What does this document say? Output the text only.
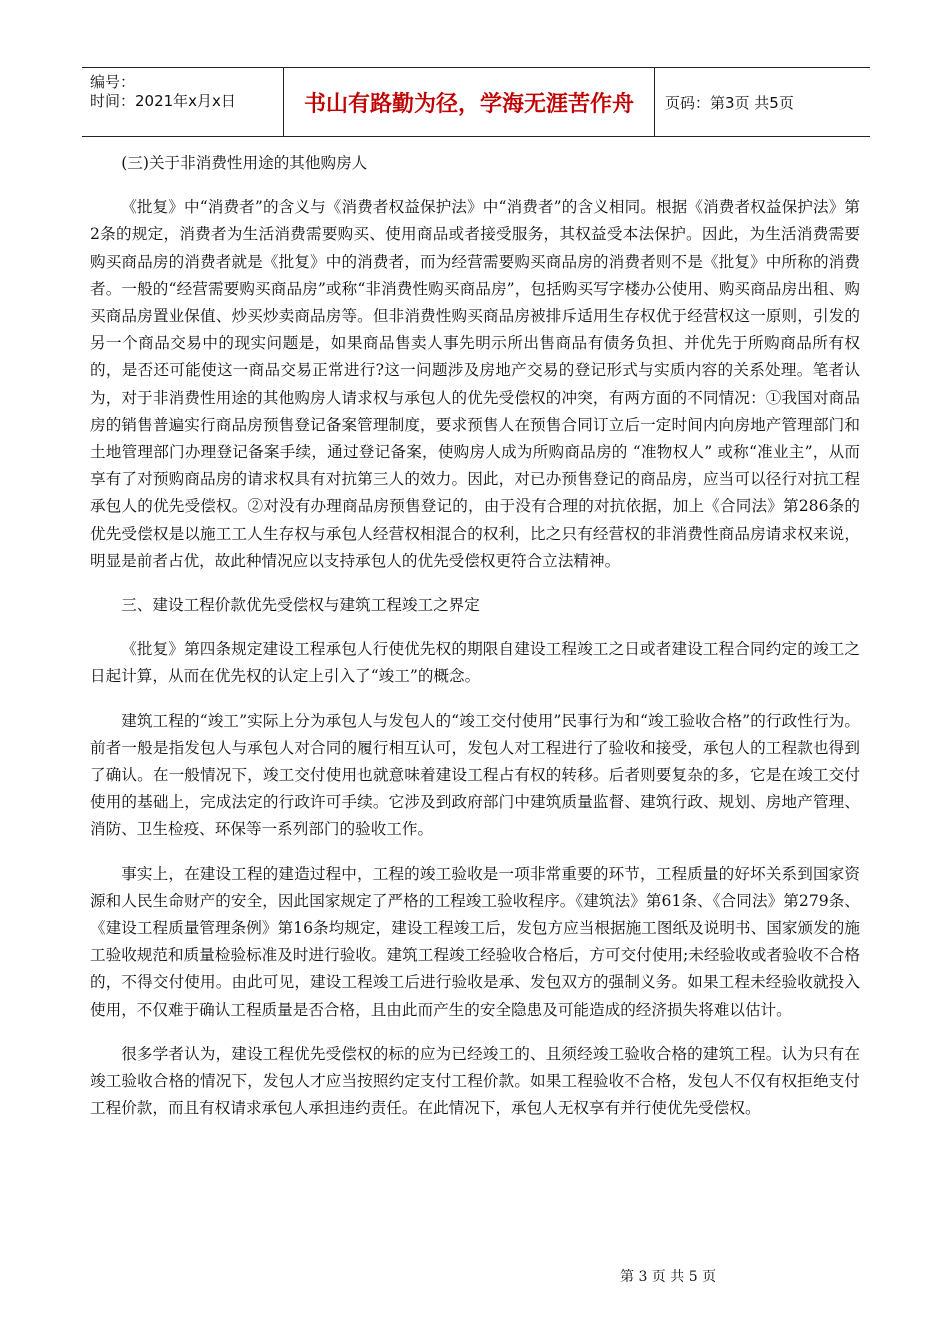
编号：
时间：2021年x月x日	书山有路勤为径，学海无涯苦作舟	页码：第3页 共5页

(三)关于非消费性用途的其他购房人

《批复》中“消费者”的含义与《消费者权益保护法》中“消费者”的含义相同。根据《消费者权益保护法》第2条的规定，消费者为生活消费需要购买、使用商品或者接受服务，其权益受本法保护。因此，为生活消费需要购买商品房的消费者就是《批复》中的消费者，而为经营需要购买商品房的消费者则不是《批复》中所称的消费者。一般的“经营需要购买商品房”或称“非消费性购买商品房”，包括购买写字楼办公使用、购买商品房出租、购买商品房置业保值、炒买炒卖商品房等。但非消费性购买商品房被排斥适用生存权优于经营权这一原则，引发的另一个商品交易中的现实问题是，如果商品售卖人事先明示所出售商品有债务负担、并优先于所购商品所有权的，是否还可能使这一商品交易正常进行?这一问题涉及房地产交易的登记形式与实质内容的关系处理。笔者认为，对于非消费性用途的其他购房人请求权与承包人的优先受偿权的冲突，有两方面的不同情况：①我国对商品房的销售普遍实行商品房预售登记备案管理制度，要求预售人在预售合同订立后一定时间内向房地产管理部门和土地管理部门办理登记备案手续，通过登记备案，使购房人成为所购商品房的 “准物权人” 或称“准业主”，从而享有了对预购商品房的请求权具有对抗第三人的效力。因此，对已办预售登记的商品房，应当可以径行对抗工程承包人的优先受偿权。②对没有办理商品房预售登记的，由于没有合理的对抗依据，加上《合同法》第286条的优先受偿权是以施工工人生存权与承包人经营权相混合的权利，比之只有经营权的非消费性商品房请求权来说，明显是前者占优，故此种情况应以支持承包人的优先受偿权更符合立法精神。

三、建设工程价款优先受偿权与建筑工程竣工之界定

《批复》第四条规定建设工程承包人行使优先权的期限自建设工程竣工之日或者建设工程合同约定的竣工之日起计算，从而在优先权的认定上引入了“竣工”的概念。

建筑工程的“竣工”实际上分为承包人与发包人的“竣工交付使用”民事行为和“竣工验收合格”的行政性行为。前者一般是指发包人与承包人对合同的履行相互认可，发包人对工程进行了验收和接受，承包人的工程款也得到了确认。在一般情况下，竣工交付使用也就意味着建设工程占有权的转移。后者则要复杂的多，它是在竣工交付使用的基础上，完成法定的行政许可手续。它涉及到政府部门中建筑质量监督、建筑行政、规划、房地产管理、消防、卫生检疫、环保等一系列部门的验收工作。

事实上，在建设工程的建造过程中，工程的竣工验收是一项非常重要的环节，工程质量的好坏关系到国家资源和人民生命财产的安全，因此国家规定了严格的工程竣工验收程序。《建筑法》第61条、《合同法》第279条、《建设工程质量管理条例》第16条均规定，建设工程竣工后，发包方应当根据施工图纸及说明书、国家颁发的施工验收规范和质量检验标准及时进行验收。建筑工程竣工经验收合格后，方可交付使用;未经验收或者验收不合格的，不得交付使用。由此可见，建设工程竣工后进行验收是承、发包双方的强制义务。如果工程未经验收就投入使用，不仅难于确认工程质量是否合格，且由此而产生的安全隐患及可能造成的经济损失将难以估计。

很多学者认为，建设工程优先受偿权的标的应为已经竣工的、且须经竣工验收合格的建筑工程。认为只有在竣工验收合格的情况下，发包人才应当按照约定支付工程价款。如果工程验收不合格，发包人不仅有权拒绝支付工程价款，而且有权请求承包人承担违约责任。在此情况下，承包人无权享有并行使优先受偿权。

第 3 页 共 5 页
